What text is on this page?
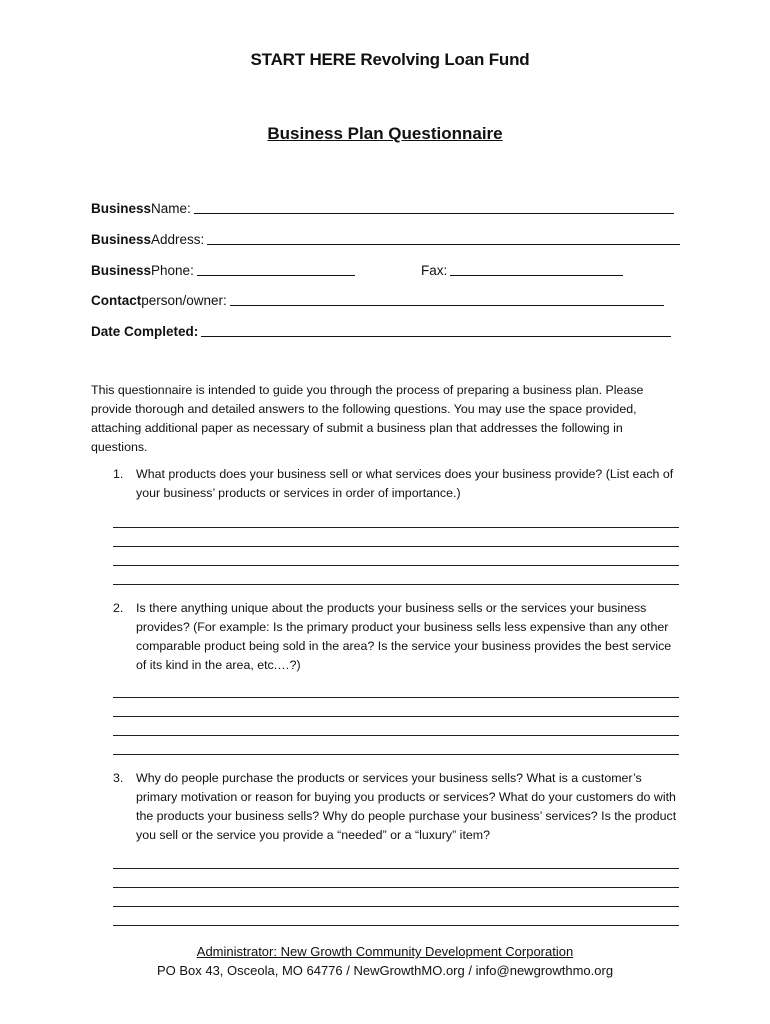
START HERE Revolving Loan Fund
Business Plan Questionnaire
Business Name:
Business Address:
Business Phone:	Fax:
Contact person/owner:
Date Completed:
This questionnaire is intended to guide you through the process of preparing a business plan. Please provide thorough and detailed answers to the following questions. You may use the space provided, attaching additional paper as necessary of submit a business plan that addresses the following in questions.
1.	What products does your business sell or what services does your business provide? (List each of your business’ products or services in order of importance.)
2.	Is there anything unique about the products your business sells or the services your business provides? (For example: Is the primary product your business sells less expensive than any other comparable product being sold in the area? Is the service your business provides the best service of its kind in the area, etc.…?)
3.	Why do people purchase the products or services your business sells? What is a customer’s primary motivation or reason for buying you products or services? What do your customers do with the products your business sells? Why do people purchase your business’ services? Is the product you sell or the service you provide a “needed” or a “luxury” item?
Administrator: New Growth Community Development Corporation
PO Box 43, Osceola, MO 64776 / NewGrowthMO.org / info@newgrowthmo.org
